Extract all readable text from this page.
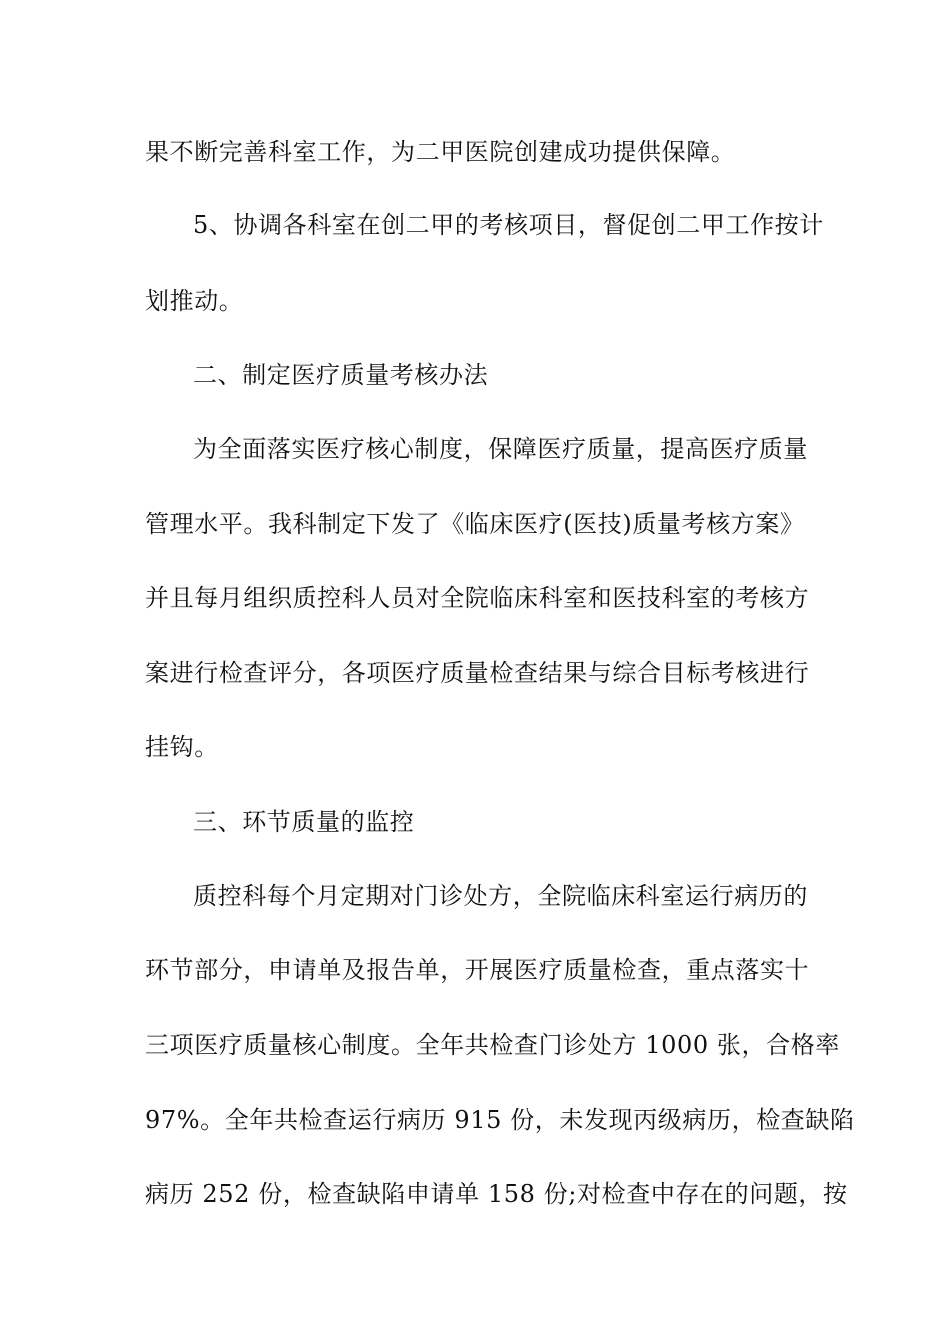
果不断完善科室工作，为二甲医院创建成功提供保障。
5、协调各科室在创二甲的考核项目，督促创二甲工作按计
划推动。
二、制定医疗质量考核办法
为全面落实医疗核心制度，保障医疗质量，提高医疗质量
管理水平。我科制定下发了《临床医疗(医技)质量考核方案》
并且每月组织质控科人员对全院临床科室和医技科室的考核方
案进行检查评分，各项医疗质量检查结果与综合目标考核进行
挂钩。
三、环节质量的监控
质控科每个月定期对门诊处方，全院临床科室运行病历的
环节部分，申请单及报告单，开展医疗质量检查，重点落实十
三项医疗质量核心制度。全年共检查门诊处方 1000 张，合格率
97%。全年共检查运行病历 915 份，未发现丙级病历，检查缺陷
病历 252 份，检查缺陷申请单 158 份;对检查中存在的问题，按
